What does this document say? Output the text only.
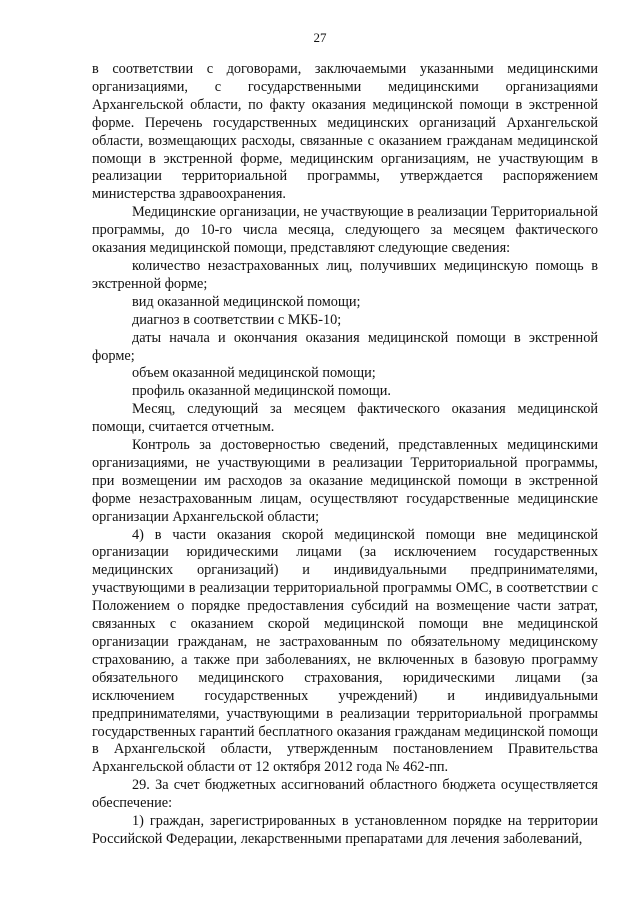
27

в соответствии с договорами, заключаемыми указанными медицинскими организациями, с государственными медицинскими организациями Архангельской области, по факту оказания медицинской помощи в экстренной форме. Перечень государственных медицинских организаций Архангельской области, возмещающих расходы, связанные с оказанием гражданам медицинской помощи в экстренной форме, медицинским организациям, не участвующим в реализации территориальной программы, утверждается распоряжением министерства здравоохранения.

Медицинские организации, не участвующие в реализации Территориальной программы, до 10-го числа месяца, следующего за месяцем фактического оказания медицинской помощи, представляют следующие сведения:

количество незастрахованных лиц, получивших медицинскую помощь в экстренной форме;

вид оказанной медицинской помощи;

диагноз в соответствии с МКБ-10;

даты начала и окончания оказания медицинской помощи в экстренной форме;

объем оказанной медицинской помощи;

профиль оказанной медицинской помощи.

Месяц, следующий за месяцем фактического оказания медицинской помощи, считается отчетным.

Контроль за достоверностью сведений, представленных медицинскими организациями, не участвующими в реализации Территориальной программы, при возмещении им расходов за оказание медицинской помощи в экстренной форме незастрахованным лицам, осуществляют государственные медицинские организации Архангельской области;

4) в части оказания скорой медицинской помощи вне медицинской организации юридическими лицами (за исключением государственных медицинских организаций) и индивидуальными предпринимателями, участвующими в реализации территориальной программы ОМС, в соответствии с Положением о порядке предоставления субсидий на возмещение части затрат, связанных с оказанием скорой медицинской помощи вне медицинской организации гражданам, не застрахованным по обязательному медицинскому страхованию, а также при заболеваниях, не включенных в базовую программу обязательного медицинского страхования, юридическими лицами (за исключением государственных учреждений) и индивидуальными предпринимателями, участвующими в реализации территориальной программы государственных гарантий бесплатного оказания гражданам медицинской помощи в Архангельской области, утвержденным постановлением Правительства Архангельской области от 12 октября 2012 года № 462-пп.

29. За счет бюджетных ассигнований областного бюджета осуществляется обеспечение:

1) граждан, зарегистрированных в установленном порядке на территории Российской Федерации, лекарственными препаратами для лечения заболеваний,
